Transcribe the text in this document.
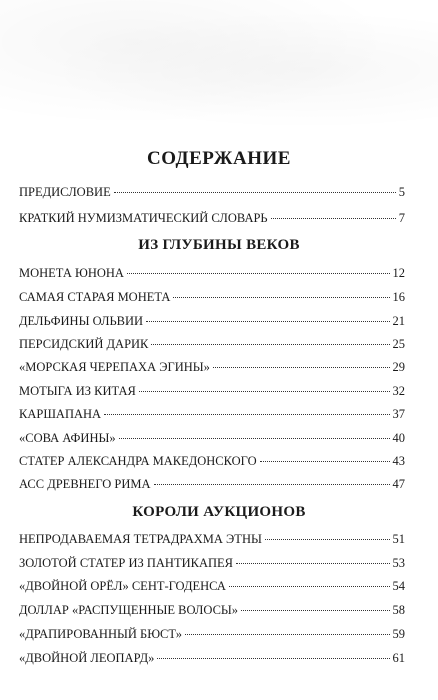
СОДЕРЖАНИЕ
ПРЕДИСЛОВИЕ	5
КРАТКИЙ НУМИЗМАТИЧЕСКИЙ СЛОВАРЬ	7
ИЗ ГЛУБИНЫ ВЕКОВ
МОНЕТА ЮНОНА	12
САМАЯ СТАРАЯ МОНЕТА	16
ДЕЛЬФИНЫ ОЛЬВИИ	21
ПЕРСИДСКИЙ ДАРИК	25
«МОРСКАЯ ЧЕРЕПАХА ЭГИНЫ»	29
МОТЫГА ИЗ КИТАЯ	32
КАРШАПАНА	37
«СОВА АФИНЫ»	40
СТАТЕР АЛЕКСАНДРА МАКЕДОНСКОГО	43
АСС ДРЕВНЕГО РИМА	47
КОРОЛИ АУКЦИОНОВ
НЕПРОДАВАЕМАЯ ТЕТРАДРАХМА ЭТНЫ	51
ЗОЛОТОЙ СТАТЕР ИЗ ПАНТИКАПЕЯ	53
«ДВОЙНОЙ ОРЁЛ» СЕНТ-ГОДЕНСА	54
ДОЛЛАР «РАСПУЩЕННЫЕ ВОЛОСЫ»	58
«ДРАПИРОВАННЫЙ БЮСТ»	59
«ДВОЙНОЙ ЛЕОПАРД»	61
